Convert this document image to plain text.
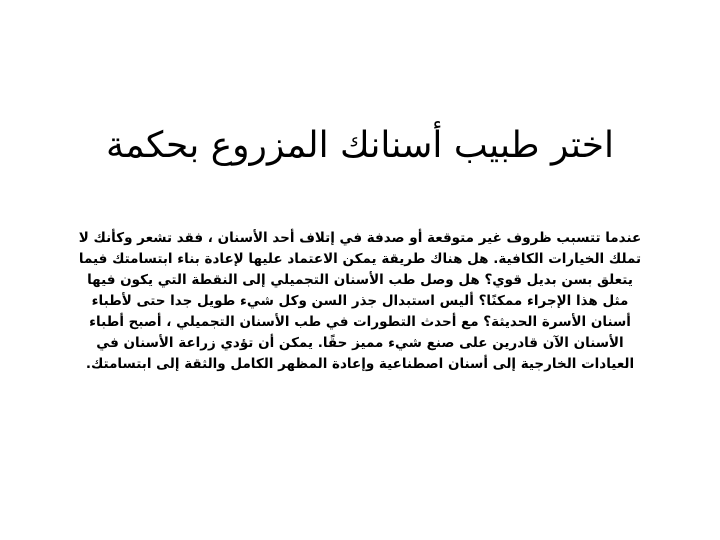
اختر طبيب أسنانك المزروع بحكمة

عندما تتسبب ظروف غير متوقعة أو صدفة في إتلاف أحد الأسنان ، فقد تشعر وكأنك لا تملك الخيارات الكافية. هل هناك طريقة يمكن الاعتماد عليها لإعادة بناء ابتسامتك فيما يتعلق بسن بديل قوي؟ هل وصل طب الأسنان التجميلي إلى النقطة التي يكون فيها مثل هذا الإجراء ممكنًا؟ أليس استبدال جذر السن وكل شيء طويل جدا حتى لأطباء أسنان الأسرة الحديثة؟ مع أحدث التطورات في طب الأسنان التجميلي ، أصبح أطباء الأسنان الآن قادرين على صنع شيء مميز حقًا. يمكن أن تؤدي زراعة الأسنان في العيادات الخارجية إلى أسنان اصطناعية وإعادة المظهر الكامل والثقة إلى ابتسامتك.
